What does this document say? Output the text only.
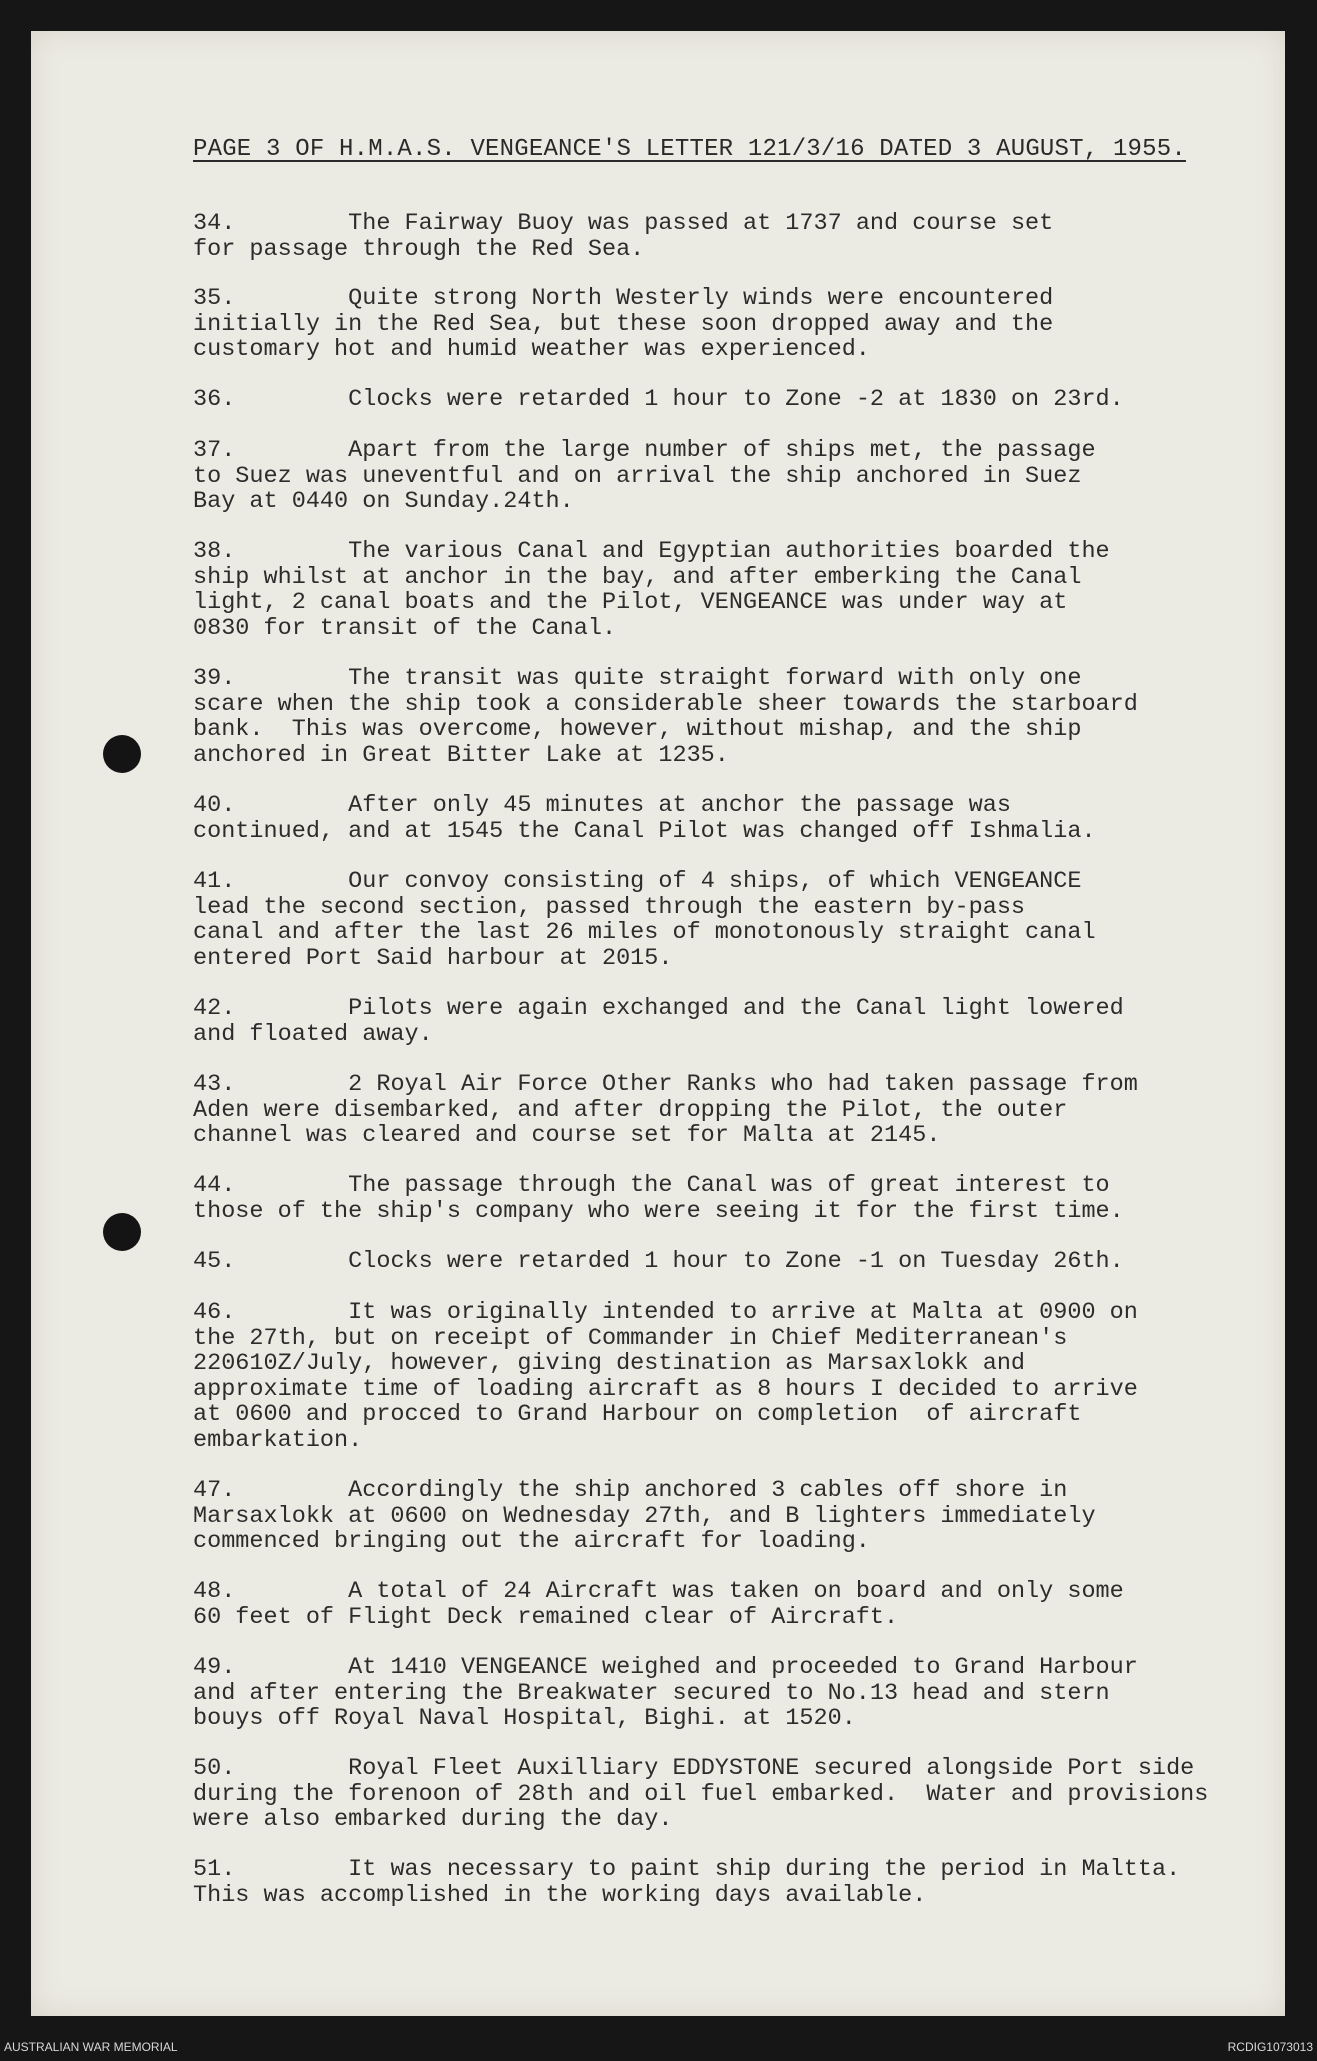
PAGE 3 OF H.M.A.S. VENGEANCE'S LETTER 121/3/16 DATED 3 AUGUST, 1955.

34.	The Fairway Buoy was passed at 1737 and course set
for passage through the Red Sea.

35.	Quite strong North Westerly winds were encountered
initially in the Red Sea, but these soon dropped away and the
customary hot and humid weather was experienced.

36.	Clocks were retarded 1 hour to Zone -2 at 1830 on 23rd.

37.	Apart from the large number of ships met, the passage
to Suez was uneventful and on arrival the ship anchored in Suez
Bay at 0440 on Sunday.24th.

38.	The various Canal and Egyptian authorities boarded the
ship whilst at anchor in the bay, and after emberking the Canal
light, 2 canal boats and the Pilot, VENGEANCE was under way at
0830 for transit of the Canal.

39.	The transit was quite straight forward with only one
scare when the ship took a considerable sheer towards the starboard
bank.  This was overcome, however, without mishap, and the ship
anchored in Great Bitter Lake at 1235.

40.	After only 45 minutes at anchor the passage was
continued, and at 1545 the Canal Pilot was changed off Ishmalia.

41.	Our convoy consisting of 4 ships, of which VENGEANCE
lead the second section, passed through the eastern by-pass
canal and after the last 26 miles of monotonously straight canal
entered Port Said harbour at 2015.

42.	Pilots were again exchanged and the Canal light lowered
and floated away.

43.	2 Royal Air Force Other Ranks who had taken passage from
Aden were disembarked, and after dropping the Pilot, the outer
channel was cleared and course set for Malta at 2145.

44.	The passage through the Canal was of great interest to
those of the ship's company who were seeing it for the first time.

45.	Clocks were retarded 1 hour to Zone -1 on Tuesday 26th.

46.	It was originally intended to arrive at Malta at 0900 on
the 27th, but on receipt of Commander in Chief Mediterranean's
220610Z/July, however, giving destination as Marsaxlokk and
approximate time of loading aircraft as 8 hours I decided to arrive
at 0600 and procced to Grand Harbour on completion  of aircraft
embarkation.

47.	Accordingly the ship anchored 3 cables off shore in
Marsaxlokk at 0600 on Wednesday 27th, and B lighters immediately
commenced bringing out the aircraft for loading.

48.	A total of 24 Aircraft was taken on board and only some
60 feet of Flight Deck remained clear of Aircraft.

49.	At 1410 VENGEANCE weighed and proceeded to Grand Harbour
and after entering the Breakwater secured to No.13 head and stern
bouys off Royal Naval Hospital, Bighi. at 1520.

50.	Royal Fleet Auxilliary EDDYSTONE secured alongside Port side
during the forenoon of 28th and oil fuel embarked.  Water and provisions
were also embarked during the day.

51.	It was necessary to paint ship during the period in Maltta.
This was accomplished in the working days available.

AUSTRALIAN WAR MEMORIAL	RCDIG1073013
